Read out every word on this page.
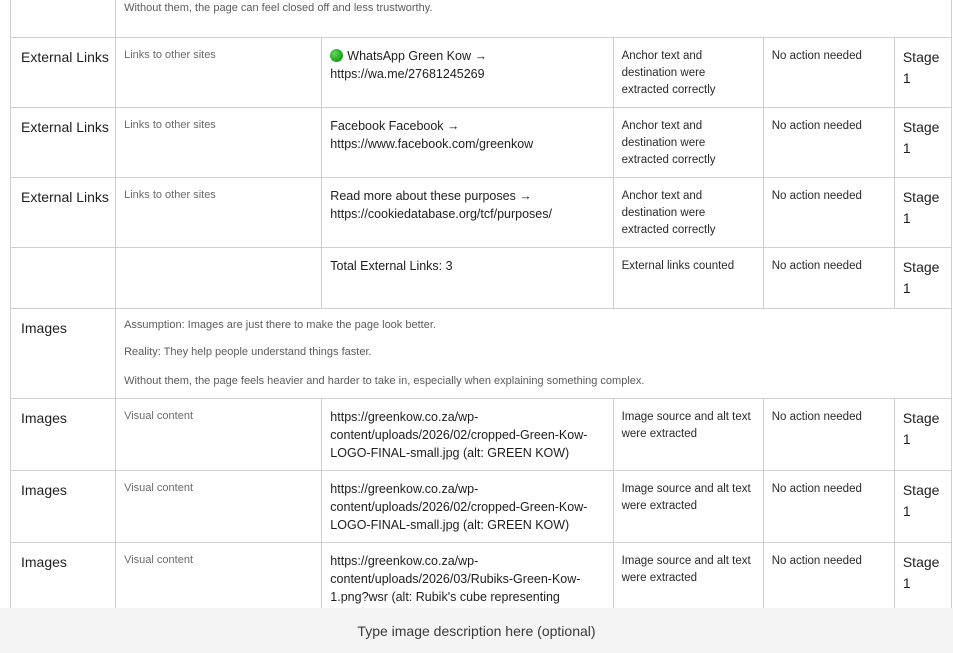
	Without them, the page can feel closed off and less trustworthy.				

External Links	Links to other sites	WhatsApp Green Kow → https://wa.me/27681245269	Anchor text and destination were extracted correctly	No action needed	Stage 1
External Links	Links to other sites	Facebook Facebook → https://www.facebook.com/greenkow	Anchor text and destination were extracted correctly	No action needed	Stage 1
External Links	Links to other sites	Read more about these purposes → https://cookiedatabase.org/tcf/purposes/	Anchor text and destination were extracted correctly	No action needed	Stage 1
		Total External Links: 3	External links counted	No action needed	Stage 1
Images	Assumption: Images are just there to make the page look better.
Reality: They help people understand things faster.
Without them, the page feels heavier and harder to take in, especially when explaining something complex.				

Images	Visual content	https://greenkow.co.za/wp-content/uploads/2026/02/cropped-Green-Kow-LOGO-FINAL-small.jpg (alt: GREEN KOW)	Image source and alt text were extracted	No action needed	Stage 1
Images	Visual content	https://greenkow.co.za/wp-content/uploads/2026/02/cropped-Green-Kow-LOGO-FINAL-small.jpg (alt: GREEN KOW)	Image source and alt text were extracted	No action needed	Stage 1
Images	Visual content	https://greenkow.co.za/wp-content/uploads/2026/03/Rubiks-Green-Kow-1.png?wsr (alt: Rubik's cube representing	Image source and alt text were extracted	No action needed	Stage 1
Type image description here (optional)
